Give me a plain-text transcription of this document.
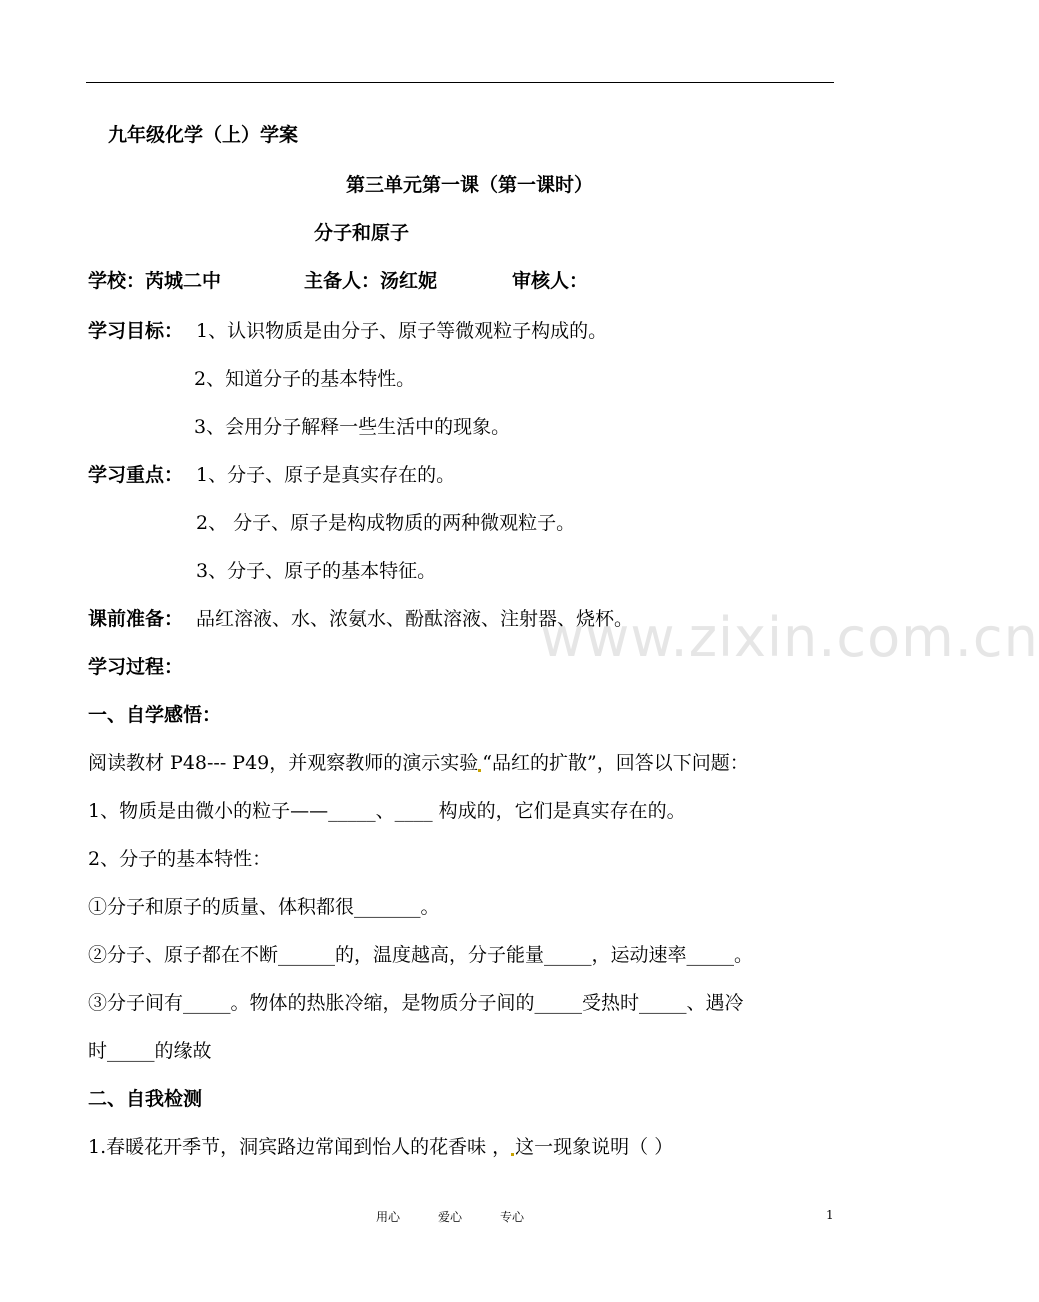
九年级化学（上）学案
第三单元第一课（第一课时）
分子和原子
学校：芮城二中	主备人：汤红妮	审核人：
学习目标： 1、认识物质是由分子、原子等微观粒子构成的。
2、知道分子的基本特性。
3、会用分子解释一些生活中的现象。
学习重点： 1、分子、原子是真实存在的。
2、 分子、原子是构成物质的两种微观粒子。
3、分子、原子的基本特征。
课前准备： 品红溶液、水、浓氨水、酚酞溶液、注射器、烧杯。
www.zixin.com.cn
学习过程：
一、自学感悟：
阅读教材 P48--- P49，并观察教师的演示实验 “品红的扩散”，回答以下问题：
1、物质是由微小的粒子——_____、____ 构成的，它们是真实存在的。
2、分子的基本特性：
①分子和原子的质量、体积都很_______。
②分子、原子都在不断______的，温度越高，分子能量_____，运动速率_____。
③分子间有_____。物体的热胀冷缩，是物质分子间的_____受热时_____、遇冷
时_____的缘故
二、自我检测
1.春暖花开季节，洞宾路边常闻到怡人的花香味 ， 这一现象说明（ ）
用心	爱心	专心	1
